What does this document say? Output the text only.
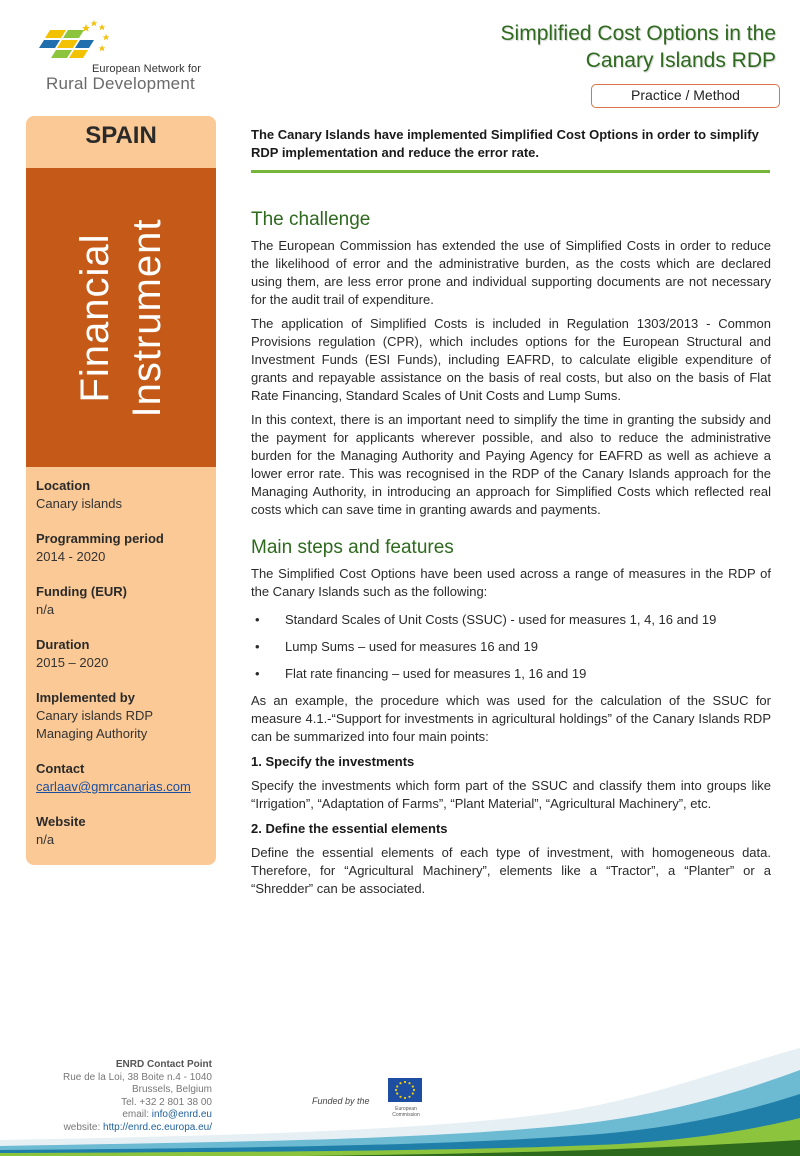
European Network for
Rural Development
Simplified Cost Options in the
Canary Islands RDP
Practice / Method
SPAIN
Financial Instrument
Location
Canary islands
Programming period
2014 - 2020
Funding (EUR)
n/a
Duration
2015 – 2020
Implemented by
Canary islands RDP Managing Authority
Contact
carlaav@gmrcanarias.com
Website
n/a
The Canary Islands have implemented Simplified Cost Options in order to simplify RDP implementation and reduce the error rate.
The challenge

The European Commission has extended the use of Simplified Costs in order to reduce the likelihood of error and the administrative burden, as the costs which are declared using them, are less error prone and individual supporting documents are not necessary for the audit trail of expenditure.

The application of Simplified Costs is included in Regulation 1303/2013 - Common Provisions regulation (CPR), which includes options for the European Structural and Investment Funds (ESI Funds), including EAFRD, to calculate eligible expenditure of grants and repayable assistance on the basis of real costs, but also on the basis of Flat Rate Financing, Standard Scales of Unit Costs and Lump Sums.

In this context, there is an important need to simplify the time in granting the subsidy and the payment for applicants wherever possible, and also to reduce the administrative burden for the Managing Authority and Paying Agency for EAFRD as well as achieve a lower error rate. This was recognised in the RDP of the Canary Islands approach for the Managing Authority, in introducing an approach for Simplified Costs which reflected real costs which can save time in granting awards and payments.

Main steps and features

The Simplified Cost Options have been used across a range of measures in the RDP of the Canary Islands such as the following:

• Standard Scales of Unit Costs (SSUC) - used for measures 1, 4, 16 and 19
• Lump Sums – used for measures 16 and 19
• Flat rate financing – used for measures 1, 16 and 19

As an example, the procedure which was used for the calculation of the SSUC for measure 4.1.-“Support for investments in agricultural holdings” of the Canary Islands RDP can be summarized into four main points:

1. Specify the investments

Specify the investments which form part of the SSUC and classify them into groups like “Irrigation”, “Adaptation of Farms”, “Plant Material”, “Agricultural Machinery”, etc.

2. Define the essential elements

Define the essential elements of each type of investment, with homogeneous data. Therefore, for “Agricultural Machinery”, elements like a “Tractor”, a “Planter” or a “Shredder” can be associated.

ENRD Contact Point
Rue de la Loi, 38 Boite n.4 - 1040
Brussels, Belgium
Tel. +32 2 801 38 00
email: info@enrd.eu
website: http://enrd.ec.europa.eu/
Funded by the
European Commission
